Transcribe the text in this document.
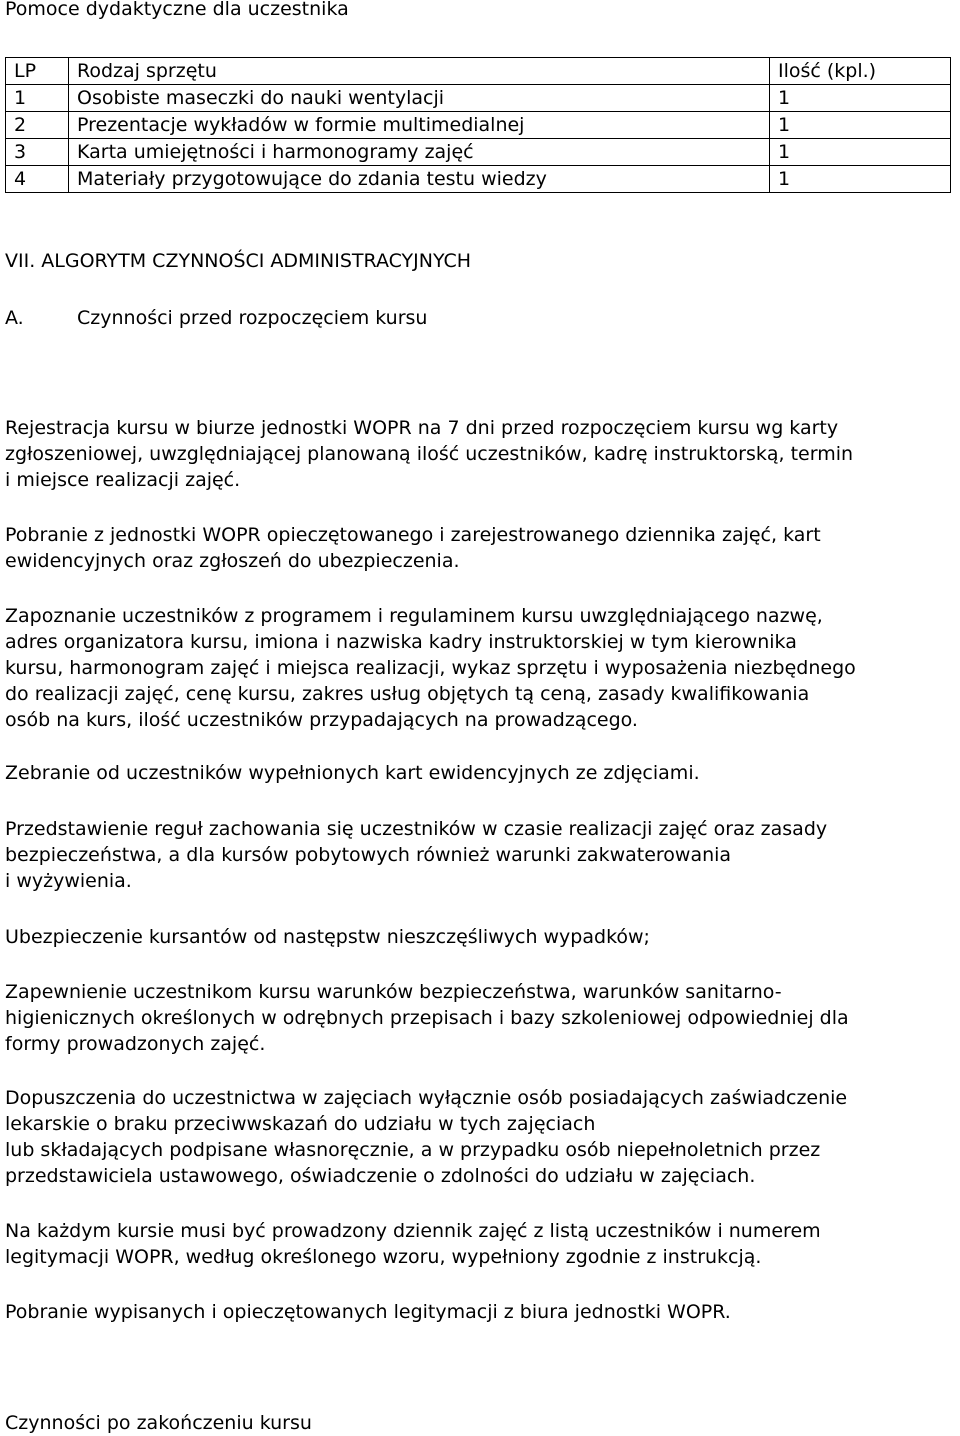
Pomoce dydaktyczne dla uczestnika
LP	Rodzaj sprzętu	Ilość (kpl.)
1	Osobiste maseczki do nauki wentylacji	1
2	Prezentacje wykładów w formie multimedialnej	1
3	Karta umiejętności i harmonogramy zajęć	1
4	Materiały przygotowujące do zdania testu wiedzy	1
VII. ALGORYTM CZYNNOŚCI ADMINISTRACYJNYCH
A.	Czynności przed rozpoczęciem kursu
Rejestracja kursu w biurze jednostki WOPR na 7 dni przed rozpoczęciem kursu wg karty
zgłoszeniowej, uwzględniającej planowaną ilość uczestników, kadrę instruktorską, termin
i miejsce realizacji zajęć.
Pobranie z jednostki WOPR opieczętowanego i zarejestrowanego dziennika zajęć, kart
ewidencyjnych oraz zgłoszeń do ubezpieczenia.
Zapoznanie uczestników z programem i regulaminem kursu uwzględniającego nazwę,
adres organizatora kursu, imiona i nazwiska kadry instruktorskiej w tym kierownika
kursu, harmonogram zajęć i miejsca realizacji, wykaz sprzętu i wyposażenia niezbędnego
do realizacji zajęć, cenę kursu, zakres usług objętych tą ceną, zasady kwalifikowania
osób na kurs, ilość uczestników przypadających na prowadzącego.
Zebranie od uczestników wypełnionych kart ewidencyjnych ze zdjęciami.
Przedstawienie reguł zachowania się uczestników w czasie realizacji zajęć oraz zasady
bezpieczeństwa, a dla kursów pobytowych również warunki zakwaterowania
i wyżywienia.
Ubezpieczenie kursantów od następstw nieszczęśliwych wypadków;
Zapewnienie uczestnikom kursu warunków bezpieczeństwa, warunków sanitarno-
higienicznych określonych w odrębnych przepisach i bazy szkoleniowej odpowiedniej dla
formy prowadzonych zajęć.
Dopuszczenia do uczestnictwa w zajęciach wyłącznie osób posiadających zaświadczenie
lekarskie o braku przeciwwskazań do udziału w tych zajęciach
lub składających podpisane własnoręcznie, a w przypadku osób niepełnoletnich przez
przedstawiciela ustawowego, oświadczenie o zdolności do udziału w zajęciach.
Na każdym kursie musi być prowadzony dziennik zajęć z listą uczestników i numerem
legitymacji WOPR, według określonego wzoru, wypełniony zgodnie z instrukcją.
Pobranie wypisanych i opieczętowanych legitymacji z biura jednostki WOPR.
Czynności po zakończeniu kursu
